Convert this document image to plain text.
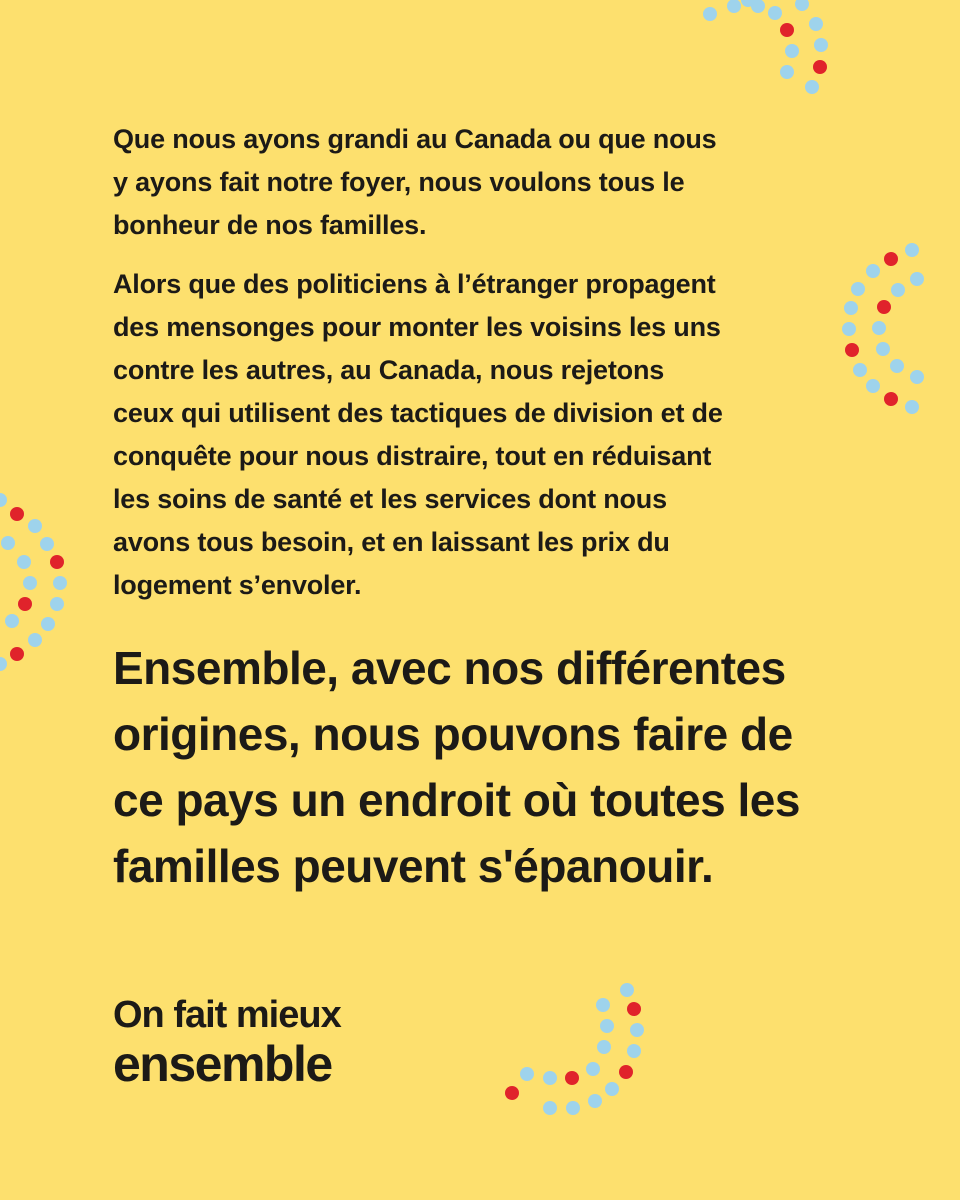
Que nous ayons grandi au Canada ou que nous
y ayons fait notre foyer, nous voulons tous le
bonheur de nos familles.

Alors que des politiciens à l’étranger propagent
des mensonges pour monter les voisins les uns
contre les autres, au Canada, nous rejetons
ceux qui utilisent des tactiques de division et de
conquête pour nous distraire, tout en réduisant
les soins de santé et les services dont nous
avons tous besoin, et en laissant les prix du
logement s’envoler.

Ensemble, avec nos différentes
origines, nous pouvons faire de
ce pays un endroit où toutes les
familles peuvent s'épanouir.

On fait mieux
ensemble
